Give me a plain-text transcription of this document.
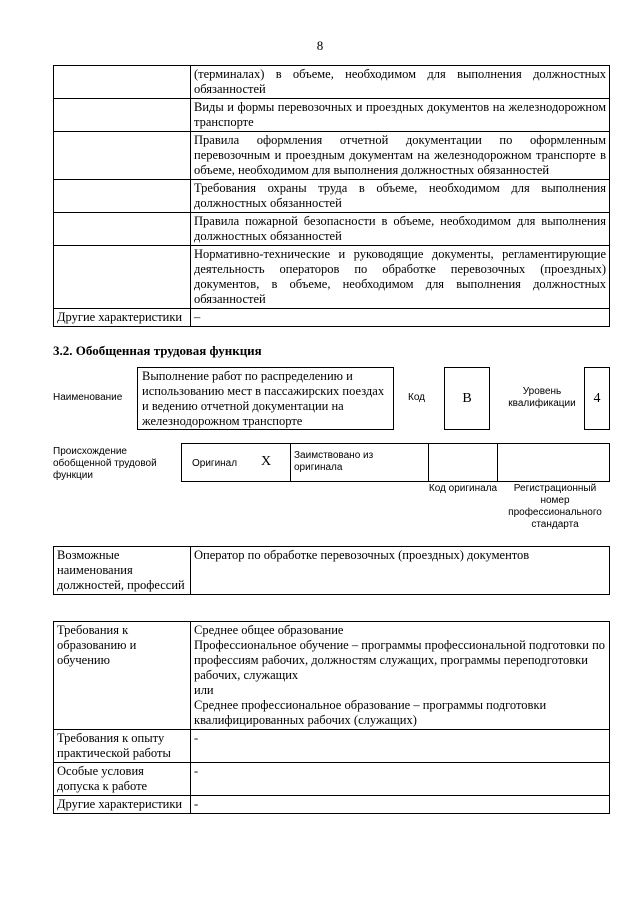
8
	(терминалах) в объеме, необходимом для выполнения должностных обязанностей
	Виды и формы перевозочных и проездных документов на железнодорожном транспорте
	Правила оформления отчетной документации по оформленным перевозочным и проездным документам на железнодорожном транспорте в объеме, необходимом для выполнения должностных обязанностей
	Требования охраны труда в объеме, необходимом для выполнения должностных обязанностей
	Правила пожарной безопасности в объеме, необходимом для выполнения должностных обязанностей
	Нормативно-технические и руководящие документы, регламентирующие деятельность операторов по обработке перевозочных (проездных) документов, в объеме, необходимом для выполнения должностных обязанностей
Другие характеристики	–
3.2. Обобщенная трудовая функция
Наименование
Выполнение работ по распределению и использованию мест в пассажирских поездах и ведению отчетной документации на железнодорожном транспорте
Код	B	Уровень квалификации 4
Происхождение обобщенной трудовой функции
Оригинал X Заимствовано из оригинала
Код оригинала	Регистрационный номер профессионального стандарта
Возможные наименования должностей, профессий	Оператор по обработке перевозочных (проездных) документов
Требования к образованию и обучению	Среднее общее образование
Профессиональное обучение – программы профессиональной подготовки по профессиям рабочих, должностям служащих, программы переподготовки рабочих, служащих
или
Среднее профессиональное образование – программы подготовки квалифицированных рабочих (служащих)

Требования к опыту практической работы	-
Особые условия допуска к работе	-
Другие характеристики	-
